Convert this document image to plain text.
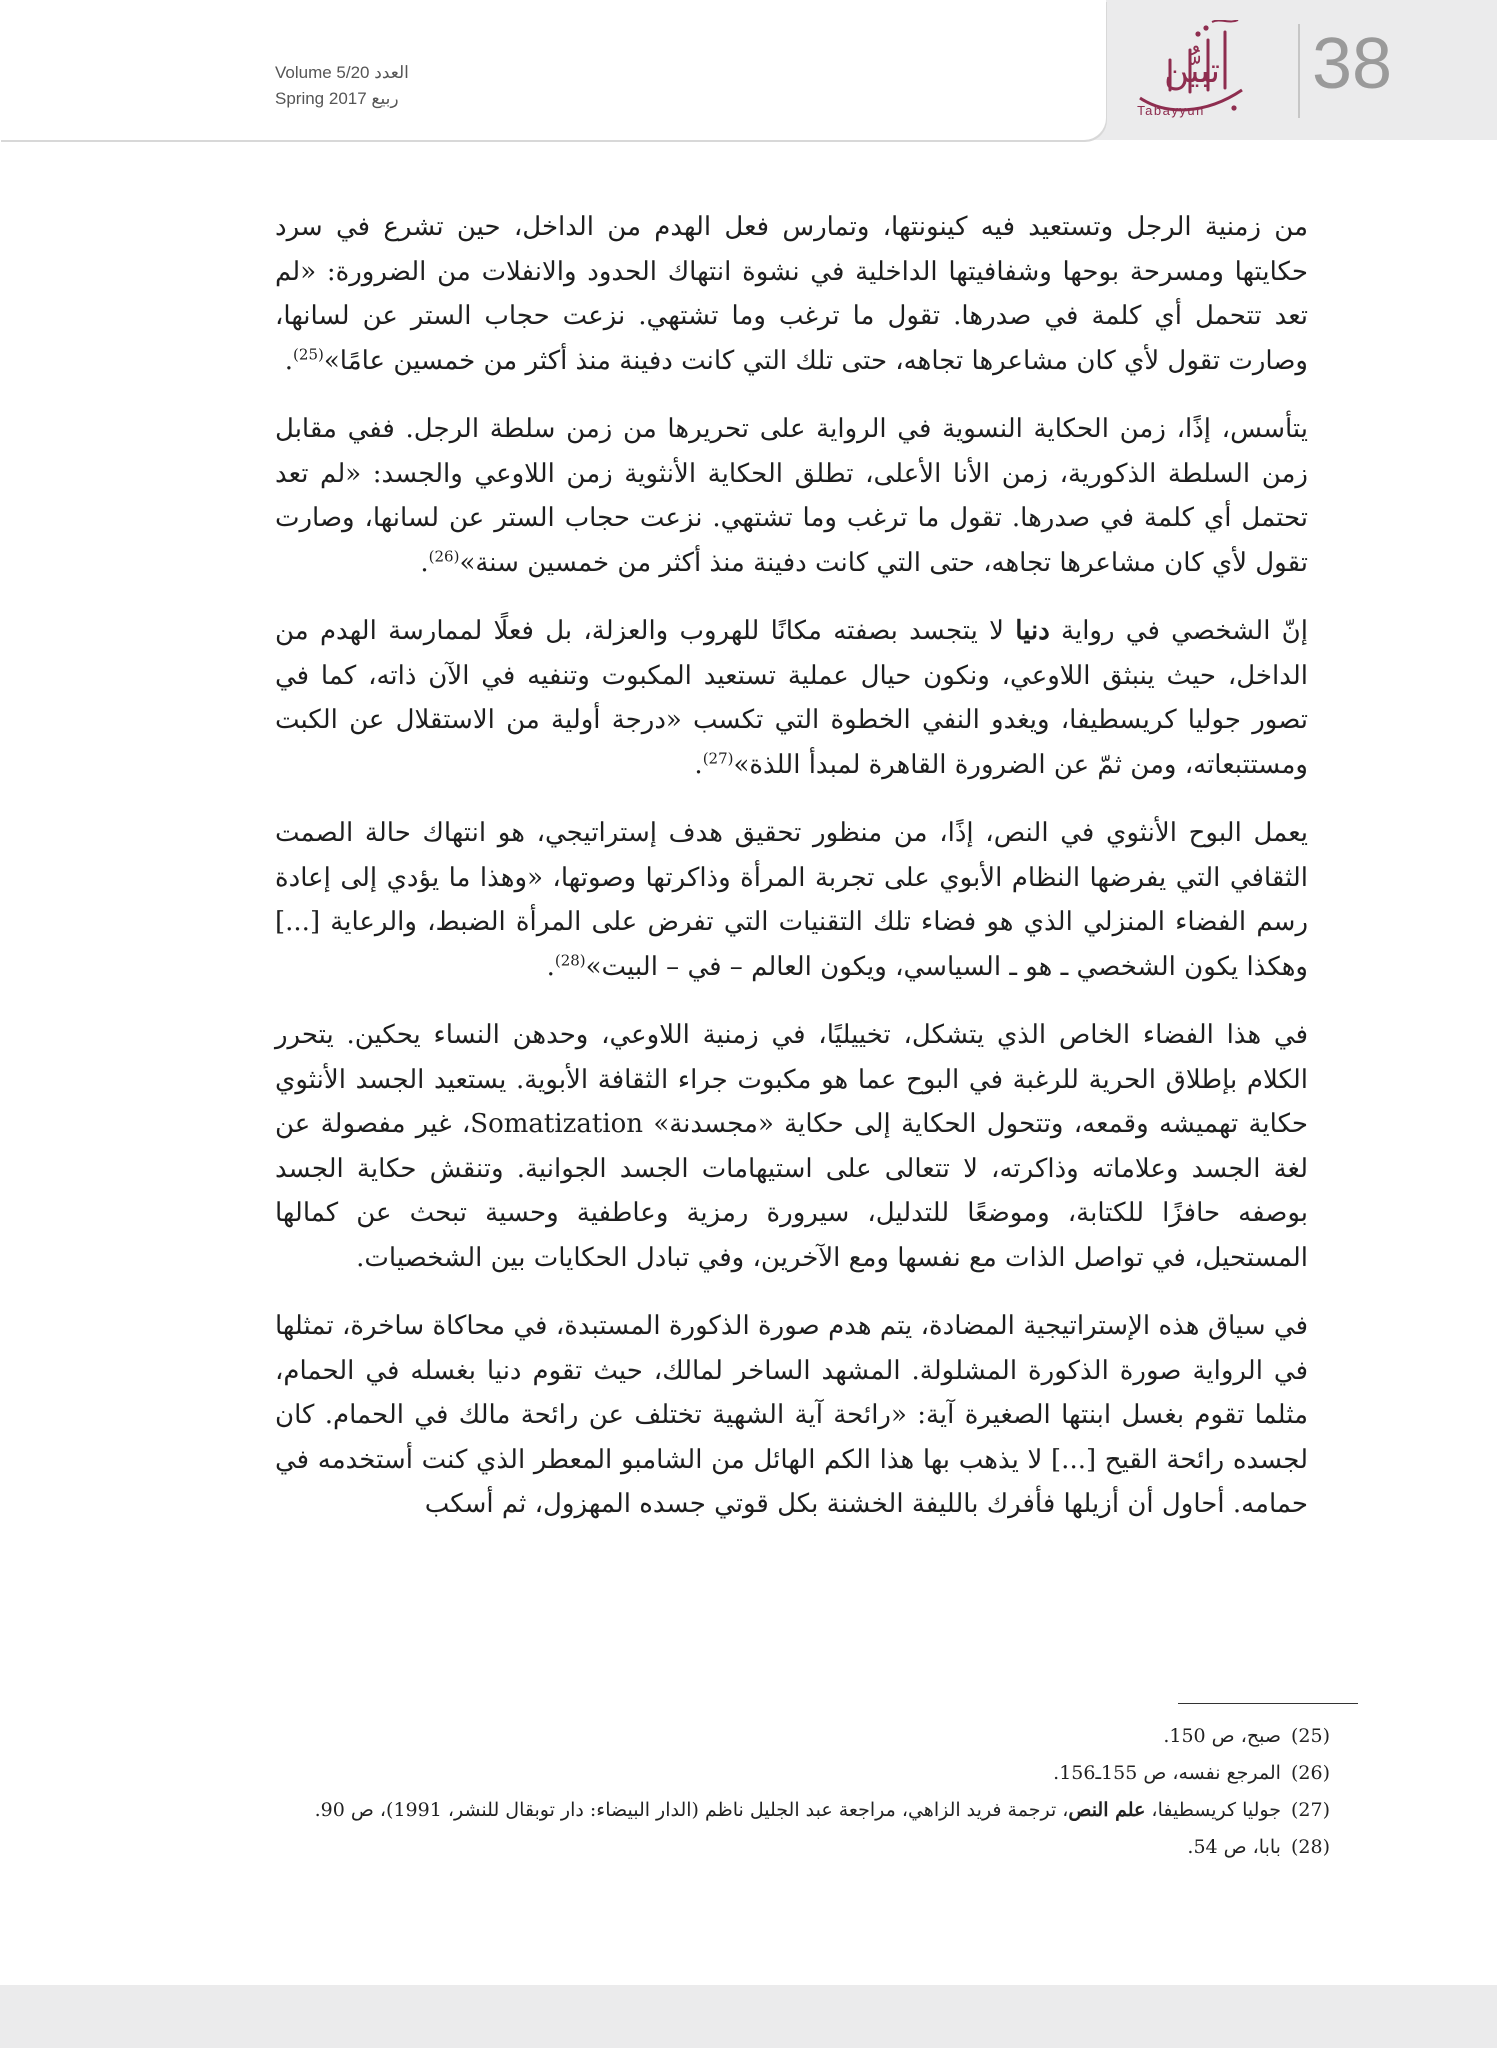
Volume 5/20 العدد
Spring 2017 ربيع
تبيُّن
Tabayyun
38

من زمنية الرجل وتستعيد فيه كينونتها، وتمارس فعل الهدم من الداخل، حين تشرع في سرد حكايتها ومسرحة بوحها وشفافيتها الداخلية في نشوة انتهاك الحدود والانفلات من الضرورة: «لم تعد تتحمل أي كلمة في صدرها. تقول ما ترغب وما تشتهي. نزعت حجاب الستر عن لسانها، وصارت تقول لأي كان مشاعرها تجاهه، حتى تلك التي كانت دفينة منذ أكثر من خمسين عامًا»$^{(25)}$.

يتأسس، إذًا، زمن الحكاية النسوية في الرواية على تحريرها من زمن سلطة الرجل. ففي مقابل زمن السلطة الذكورية، زمن الأنا الأعلى، تطلق الحكاية الأنثوية زمن اللاوعي والجسد: «لم تعد تحتمل أي كلمة في صدرها. تقول ما ترغب وما تشتهي. نزعت حجاب الستر عن لسانها، وصارت تقول لأي كان مشاعرها تجاهه، حتى التي كانت دفينة منذ أكثر من خمسين سنة»$^{(26)}$.

إنّ الشخصي في رواية دنيا لا يتجسد بصفته مكانًا للهروب والعزلة، بل فعلًا لممارسة الهدم من الداخل، حيث ينبثق اللاوعي، ونكون حيال عملية تستعيد المكبوت وتنفيه في الآن ذاته، كما في تصور جوليا كريسطيفا، ويغدو النفي الخطوة التي تكسب «درجة أولية من الاستقلال عن الكبت ومستتبعاته، ومن ثمّ عن الضرورة القاهرة لمبدأ اللذة»$^{(27)}$.

يعمل البوح الأنثوي في النص، إذًا، من منظور تحقيق هدف إستراتيجي، هو انتهاك حالة الصمت الثقافي التي يفرضها النظام الأبوي على تجربة المرأة وذاكرتها وصوتها، «وهذا ما يؤدي إلى إعادة رسم الفضاء المنزلي الذي هو فضاء تلك التقنيات التي تفرض على المرأة الضبط، والرعاية [...] وهكذا يكون الشخصي ـ هو ـ السياسي، ويكون العالم – في – البيت»$^{(28)}$.

في هذا الفضاء الخاص الذي يتشكل، تخييليًا، في زمنية اللاوعي، وحدهن النساء يحكين. يتحرر الكلام بإطلاق الحرية للرغبة في البوح عما هو مكبوت جراء الثقافة الأبوية. يستعيد الجسد الأنثوي حكاية تهميشه وقمعه، وتتحول الحكاية إلى حكاية «مجسدنة» Somatization، غير مفصولة عن لغة الجسد وعلاماته وذاكرته، لا تتعالى على استيهامات الجسد الجوانية. وتنقش حكاية الجسد بوصفه حافزًا للكتابة، وموضعًا للتدليل، سيرورة رمزية وعاطفية وحسية تبحث عن كمالها المستحيل، في تواصل الذات مع نفسها ومع الآخرين، وفي تبادل الحكايات بين الشخصيات.

في سياق هذه الإستراتيجية المضادة، يتم هدم صورة الذكورة المستبدة، في محاكاة ساخرة، تمثلها في الرواية صورة الذكورة المشلولة. المشهد الساخر لمالك، حيث تقوم دنيا بغسله في الحمام، مثلما تقوم بغسل ابنتها الصغيرة آية: «رائحة آية الشهية تختلف عن رائحة مالك في الحمام. كان لجسده رائحة القيح [...] لا يذهب بها هذا الكم الهائل من الشامبو المعطر الذي كنت أستخدمه في حمامه. أحاول أن أزيلها فأفرك بالليفة الخشنة بكل قوتي جسده المهزول، ثم أسكب

(25)صبح، ص 150.
(26)المرجع نفسه، ص 155ـ156.
(27)جوليا كريسطيفا، علم النص، ترجمة فريد الزاهي، مراجعة عبد الجليل ناظم (الدار البيضاء: دار توبقال للنشر، 1991)، ص 90.
(28)بابا، ص 54.
